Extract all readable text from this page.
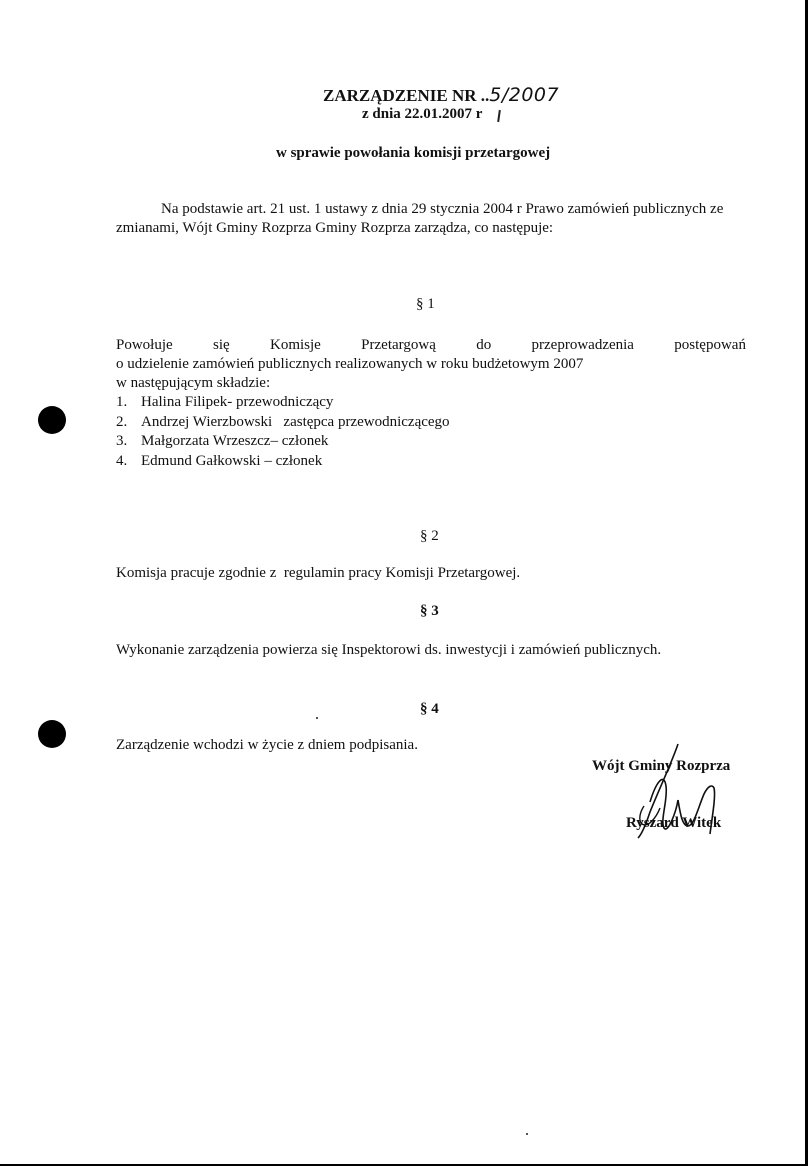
ZARZĄDZENIE NR ..5/2007
z dnia 22.01.2007 r
w sprawie powołania komisji przetargowej

Na podstawie art. 21 ust. 1 ustawy z dnia 29 stycznia 2004 r Prawo zamówień publicznych ze zmianami, Wójt Gminy Rozprza Gminy Rozprza zarządza, co następuje:

§ 1
Powołuje	się	Komisje	Przetargową	do	przeprowadzenia	postępowań
o udzielenie zamówień publicznych realizowanych w roku budżetowym 2007
w następującym składzie:
1. Halina Filipek- przewodniczący
2. Andrzej Wierzbowski   zastępca przewodniczącego
3. Małgorzata Wrzeszcz– członek
4. Edmund Gałkowski – członek
§ 2

Komisja pracuje zgodnie z  regulamin pracy Komisji Przetargowej.

§ 3

Wykonanie zarządzenia powierza się Inspektorowi ds. inwestycji i zamówień publicznych.

§ 4

Zarządzenie wchodzi w życie z dniem podpisania.

Wójt Gminy Rozprza
Ryszard Witek
